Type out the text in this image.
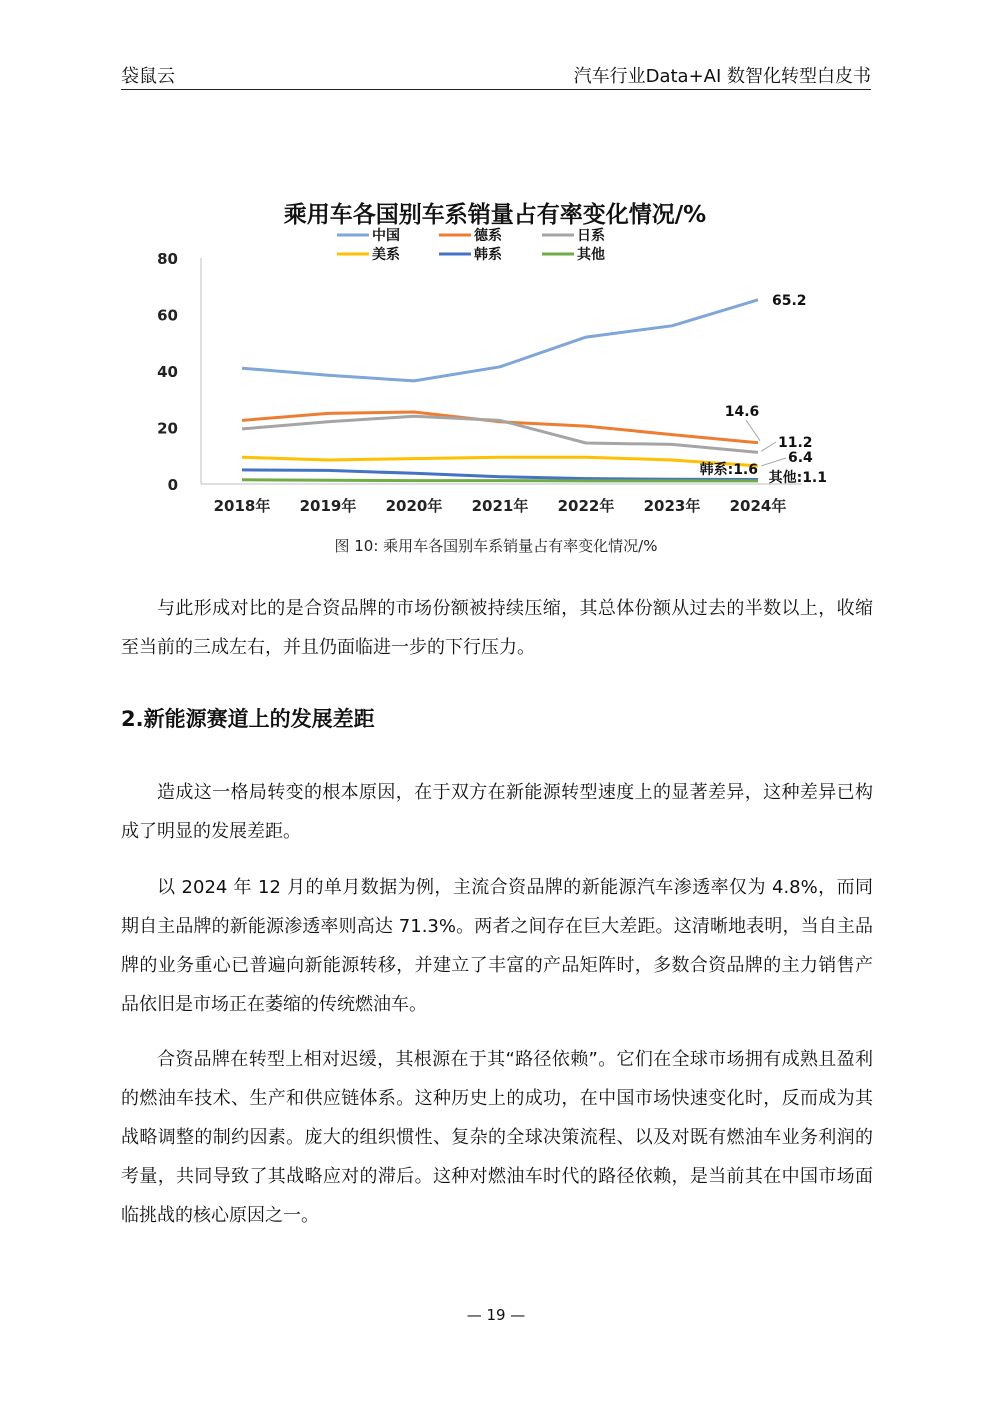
袋鼠云	汽车行业Data+AI 数智化转型白皮书
乘用车各国别车系销量占有率变化情况/%
中国	德系	日系
美系	韩系	其他
0
20
40
60
80
2018年 2019年 2020年 2021年 2022年 2023年 2024年
65.2
14.6
11.2
6.4
韩系:1.6 其他:1.1
图 10: 乘用车各国别车系销量占有率变化情况/%

与此形成对比的是合资品牌的市场份额被持续压缩，其总体份额从过去的半数以上，收缩至当前的三成左右，并且仍面临进一步的下行压力。

2.新能源赛道上的发展差距

造成这一格局转变的根本原因，在于双方在新能源转型速度上的显著差异，这种差异已构成了明显的发展差距。

以 2024 年 12 月的单月数据为例，主流合资品牌的新能源汽车渗透率仅为 4.8%，而同期自主品牌的新能源渗透率则高达 71.3%。两者之间存在巨大差距。这清晰地表明，当自主品牌的业务重心已普遍向新能源转移，并建立了丰富的产品矩阵时，多数合资品牌的主力销售产品依旧是市场正在萎缩的传统燃油车。

合资品牌在转型上相对迟缓，其根源在于其“路径依赖”。它们在全球市场拥有成熟且盈利的燃油车技术、生产和供应链体系。这种历史上的成功，在中国市场快速变化时，反而成为其战略调整的制约因素。庞大的组织惯性、复杂的全球决策流程、以及对既有燃油车业务利润的考量，共同导致了其战略应对的滞后。这种对燃油车时代的路径依赖，是当前其在中国市场面临挑战的核心原因之一。

— 19 —
